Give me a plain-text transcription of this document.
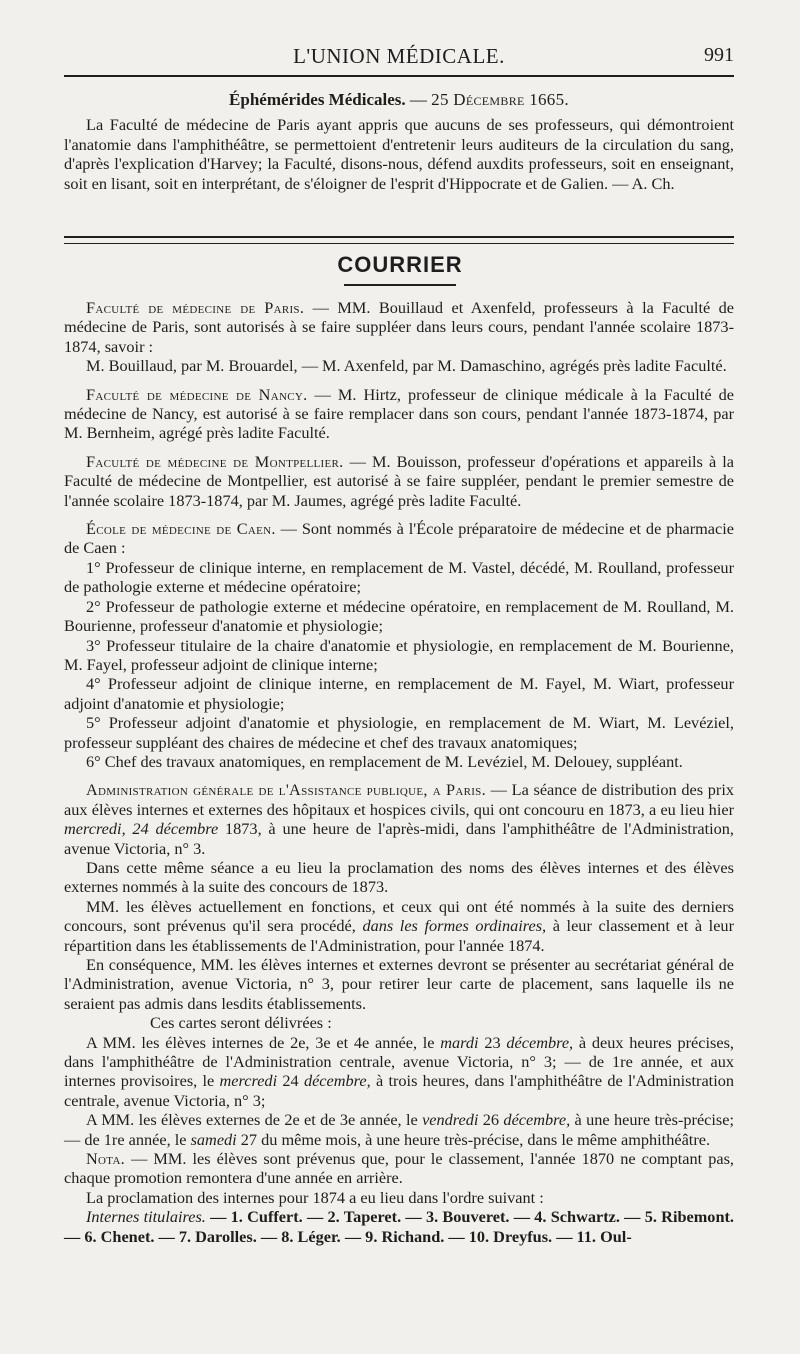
L'UNION MÉDICALE.	991
Éphémérides Médicales. — 25 Décembre 1665.

La Faculté de médecine de Paris ayant appris que aucuns de ses professeurs, qui démontroient l'anatomie dans l'amphithéâtre, se permettoient d'entretenir leurs auditeurs de la circulation du sang, d'après l'explication d'Harvey; la Faculté, disons-nous, défend auxdits professeurs, soit en enseignant, soit en lisant, soit en interprétant, de s'éloigner de l'esprit d'Hippocrate et de Galien. — A. Ch.

COURRIER

Faculté de médecine de Paris. — MM. Bouillaud et Axenfeld, professeurs à la Faculté de médecine de Paris, sont autorisés à se faire suppléer dans leurs cours, pendant l'année scolaire 1873-1874, savoir :

M. Bouillaud, par M. Brouardel, — M. Axenfeld, par M. Damaschino, agrégés près ladite Faculté.

Faculté de médecine de Nancy. — M. Hirtz, professeur de clinique médicale à la Faculté de médecine de Nancy, est autorisé à se faire remplacer dans son cours, pendant l'année 1873-1874, par M. Bernheim, agrégé près ladite Faculté.

Faculté de médecine de Montpellier. — M. Bouisson, professeur d'opérations et appareils à la Faculté de médecine de Montpellier, est autorisé à se faire suppléer, pendant le premier semestre de l'année scolaire 1873-1874, par M. Jaumes, agrégé près ladite Faculté.

École de médecine de Caen. — Sont nommés à l'École préparatoire de médecine et de pharmacie de Caen :

1° Professeur de clinique interne, en remplacement de M. Vastel, décédé, M. Roulland, professeur de pathologie externe et médecine opératoire;

2° Professeur de pathologie externe et médecine opératoire, en remplacement de M. Roulland, M. Bourienne, professeur d'anatomie et physiologie;

3° Professeur titulaire de la chaire d'anatomie et physiologie, en remplacement de M. Bourienne, M. Fayel, professeur adjoint de clinique interne;

4° Professeur adjoint de clinique interne, en remplacement de M. Fayel, M. Wiart, professeur adjoint d'anatomie et physiologie;

5° Professeur adjoint d'anatomie et physiologie, en remplacement de M. Wiart, M. Levéziel, professeur suppléant des chaires de médecine et chef des travaux anatomiques;

6° Chef des travaux anatomiques, en remplacement de M. Levéziel, M. Delouey, suppléant.

Administration générale de l'Assistance publique, a Paris. — La séance de distribution des prix aux élèves internes et externes des hôpitaux et hospices civils, qui ont concouru en 1873, a eu lieu hier mercredi, 24 décembre 1873, à une heure de l'après-midi, dans l'amphithéâtre de l'Administration, avenue Victoria, n° 3.

Dans cette même séance a eu lieu la proclamation des noms des élèves internes et des élèves externes nommés à la suite des concours de 1873.

MM. les élèves actuellement en fonctions, et ceux qui ont été nommés à la suite des derniers concours, sont prévenus qu'il sera procédé, dans les formes ordinaires, à leur classement et à leur répartition dans les établissements de l'Administration, pour l'année 1874.

En conséquence, MM. les élèves internes et externes devront se présenter au secrétariat général de l'Administration, avenue Victoria, n° 3, pour retirer leur carte de placement, sans laquelle ils ne seraient pas admis dans lesdits établissements.

Ces cartes seront délivrées :

A MM. les élèves internes de 2e, 3e et 4e année, le mardi 23 décembre, à deux heures précises, dans l'amphithéâtre de l'Administration centrale, avenue Victoria, n° 3; — de 1re année, et aux internes provisoires, le mercredi 24 décembre, à trois heures, dans l'amphithéâtre de l'Administration centrale, avenue Victoria, n° 3;

A MM. les élèves externes de 2e et de 3e année, le vendredi 26 décembre, à une heure très-précise; — de 1re année, le samedi 27 du même mois, à une heure très-précise, dans le même amphithéâtre.

Nota. — MM. les élèves sont prévenus que, pour le classement, l'année 1870 ne comptant pas, chaque promotion remontera d'une année en arrière.

La proclamation des internes pour 1874 a eu lieu dans l'ordre suivant :

Internes titulaires. — 1. Cuffert. — 2. Taperet. — 3. Bouveret. — 4. Schwartz. — 5. Ribemont. — 6. Chenet. — 7. Darolles. — 8. Léger. — 9. Richand. — 10. Dreyfus. — 11. Oul-
